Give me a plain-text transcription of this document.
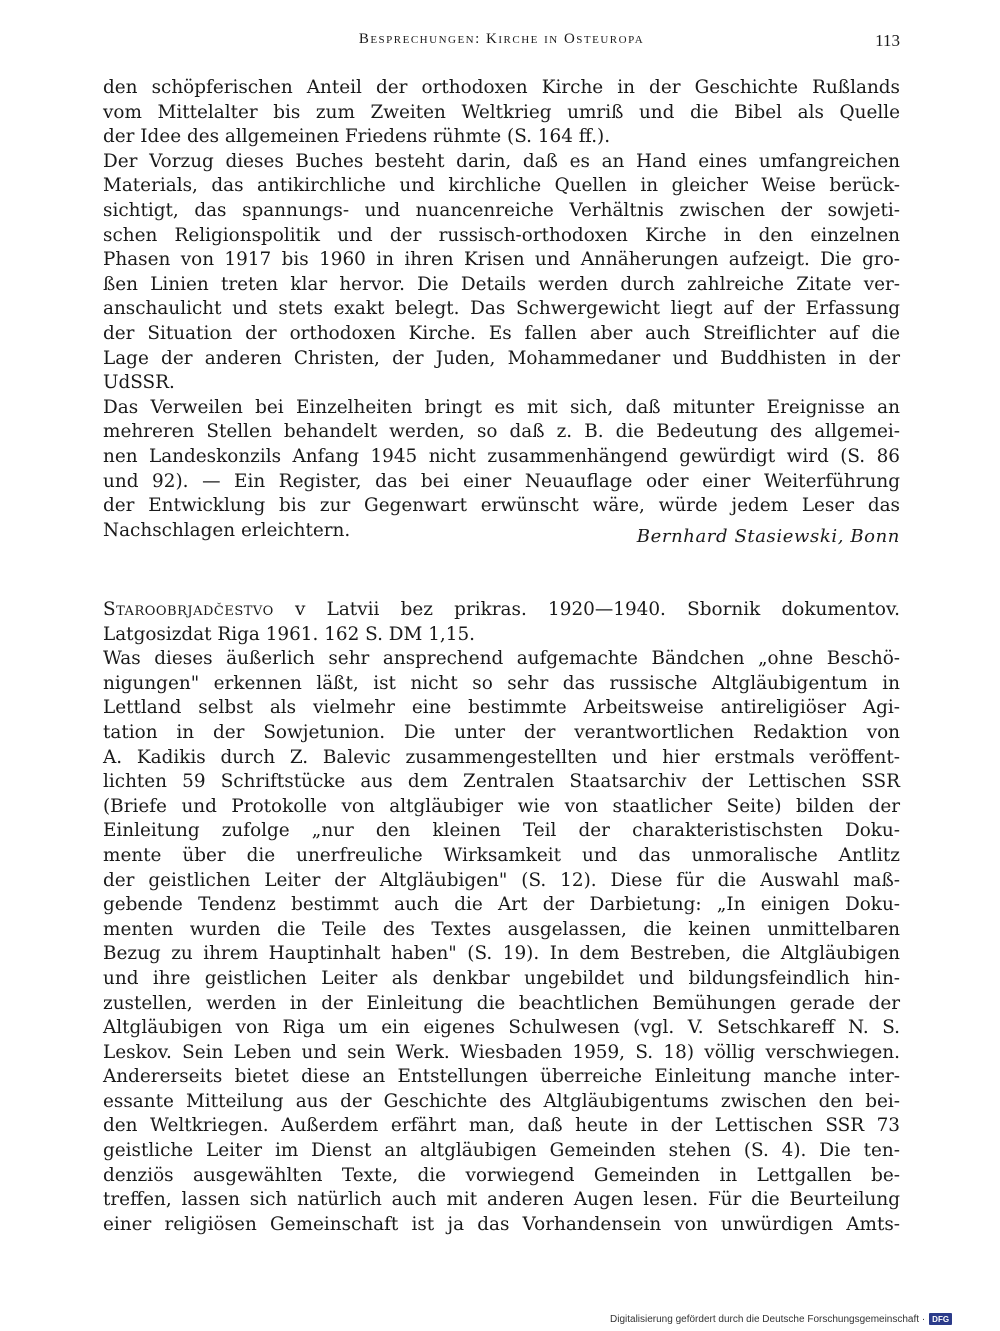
Besprechungen: Kirche in Osteuropa	113
den schöpferischen Anteil der orthodoxen Kirche in der Geschichte Rußlands
vom Mittelalter bis zum Zweiten Weltkrieg umriß und die Bibel als Quelle
der Idee des allgemeinen Friedens rühmte (S. 164 ff.).
Der Vorzug dieses Buches besteht darin, daß es an Hand eines umfangreichen
Materials, das antikirchliche und kirchliche Quellen in gleicher Weise berück-
sichtigt, das spannungs- und nuancenreiche Verhältnis zwischen der sowjeti-
schen Religionspolitik und der russisch-orthodoxen Kirche in den einzelnen
Phasen von 1917 bis 1960 in ihren Krisen und Annäherungen aufzeigt. Die gro-
ßen Linien treten klar hervor. Die Details werden durch zahlreiche Zitate ver-
anschaulicht und stets exakt belegt. Das Schwergewicht liegt auf der Erfassung
der Situation der orthodoxen Kirche. Es fallen aber auch Streiflichter auf die
Lage der anderen Christen, der Juden, Mohammedaner und Buddhisten in der
UdSSR.
Das Verweilen bei Einzelheiten bringt es mit sich, daß mitunter Ereignisse an
mehreren Stellen behandelt werden, so daß z. B. die Bedeutung des allgemei-
nen Landeskonzils Anfang 1945 nicht zusammenhängend gewürdigt wird (S. 86
und 92). — Ein Register, das bei einer Neuauflage oder einer Weiterführung
der Entwicklung bis zur Gegenwart erwünscht wäre, würde jedem Leser das
Nachschlagen erleichtern.	Bernhard Stasiewski, Bonn
Staroobrjadčestvo v Latvii bez prikras. 1920—1940. Sbornik dokumentov.
Latgosizdat Riga 1961. 162 S. DM 1,15.
Was dieses äußerlich sehr ansprechend aufgemachte Bändchen „ohne Beschö-
nigungen" erkennen läßt, ist nicht so sehr das russische Altgläubigentum in
Lettland selbst als vielmehr eine bestimmte Arbeitsweise antireligiöser Agi-
tation in der Sowjetunion. Die unter der verantwortlichen Redaktion von
A. Kadikis durch Z. Balevic zusammengestellten und hier erstmals veröffent-
lichten 59 Schriftstücke aus dem Zentralen Staatsarchiv der Lettischen SSR
(Briefe und Protokolle von altgläubiger wie von staatlicher Seite) bilden der
Einleitung zufolge „nur den kleinen Teil der charakteristischsten Doku-
mente über die unerfreuliche Wirksamkeit und das unmoralische Antlitz
der geistlichen Leiter der Altgläubigen" (S. 12). Diese für die Auswahl maß-
gebende Tendenz bestimmt auch die Art der Darbietung: „In einigen Doku-
menten wurden die Teile des Textes ausgelassen, die keinen unmittelbaren
Bezug zu ihrem Hauptinhalt haben" (S. 19). In dem Bestreben, die Altgläubigen
und ihre geistlichen Leiter als denkbar ungebildet und bildungsfeindlich hin-
zustellen, werden in der Einleitung die beachtlichen Bemühungen gerade der
Altgläubigen von Riga um ein eigenes Schulwesen (vgl. V. Setschkareff N. S.
Leskov. Sein Leben und sein Werk. Wiesbaden 1959, S. 18) völlig verschwiegen.
Andererseits bietet diese an Entstellungen überreiche Einleitung manche inter-
essante Mitteilung aus der Geschichte des Altgläubigentums zwischen den bei-
den Weltkriegen. Außerdem erfährt man, daß heute in der Lettischen SSR 73
geistliche Leiter im Dienst an altgläubigen Gemeinden stehen (S. 4). Die ten-
denziös ausgewählten Texte, die vorwiegend Gemeinden in Lettgallen be-
treffen, lassen sich natürlich auch mit anderen Augen lesen. Für die Beurteilung
einer religiösen Gemeinschaft ist ja das Vorhandensein von unwürdigen Amts-
Digitalisierung gefördert durch die Deutsche Forschungsgemeinschaft · DFG
